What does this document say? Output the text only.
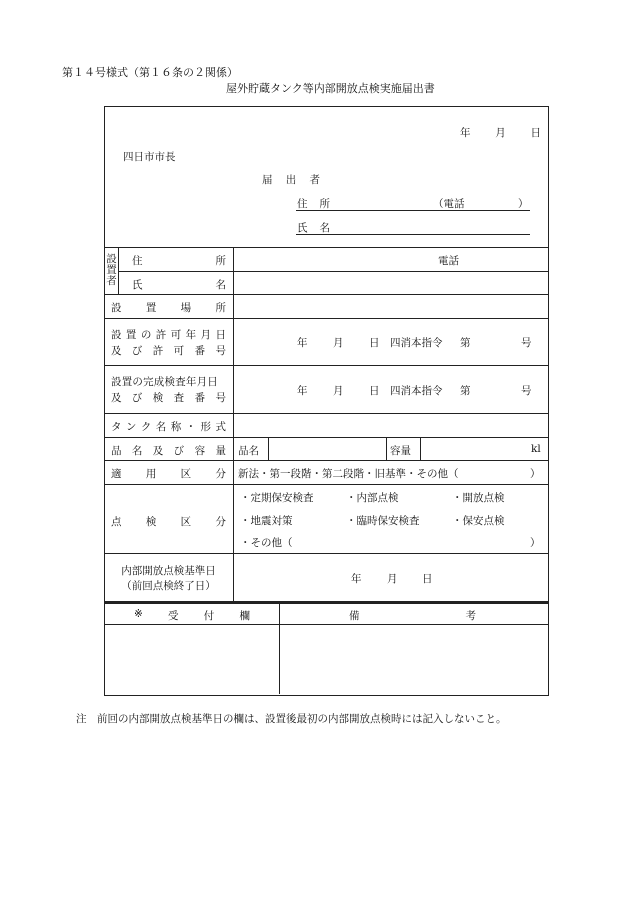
第１４号様式（第１６条の２関係）
屋外貯蔵タンク等内部開放点検実施届出書
年 月 日
四日市市長
届 出 者
住 所	（電話	）
氏 名
設
置
者
住	所	電話
氏	名
設 置 場 所
設 置 の 許 可 年 月 日
及 び 許 可 番 号
年 月 日 四消本指令 第	号
設置の完成検査年月日
及 び 検 査 番 号
年 月 日 四消本指令 第	号
タ ン ク 名 称 ・ 形 式
品 名 及 び 容 量 品名	容量	kl
適 用 区 分 新法・第一段階・第二段階・旧基準・その他（	）
点 検 区 分
・定期保安検査	・内部点検	・開放点検
・地震対策	・臨時保安検査	・保安点検
・その他（	）
内部開放点検基準日
（前回点検終了日）
年 月 日
※ 受 付 欄	備	考
注　前回の内部開放点検基準日の欄は、設置後最初の内部開放点検時には記入しないこと。
